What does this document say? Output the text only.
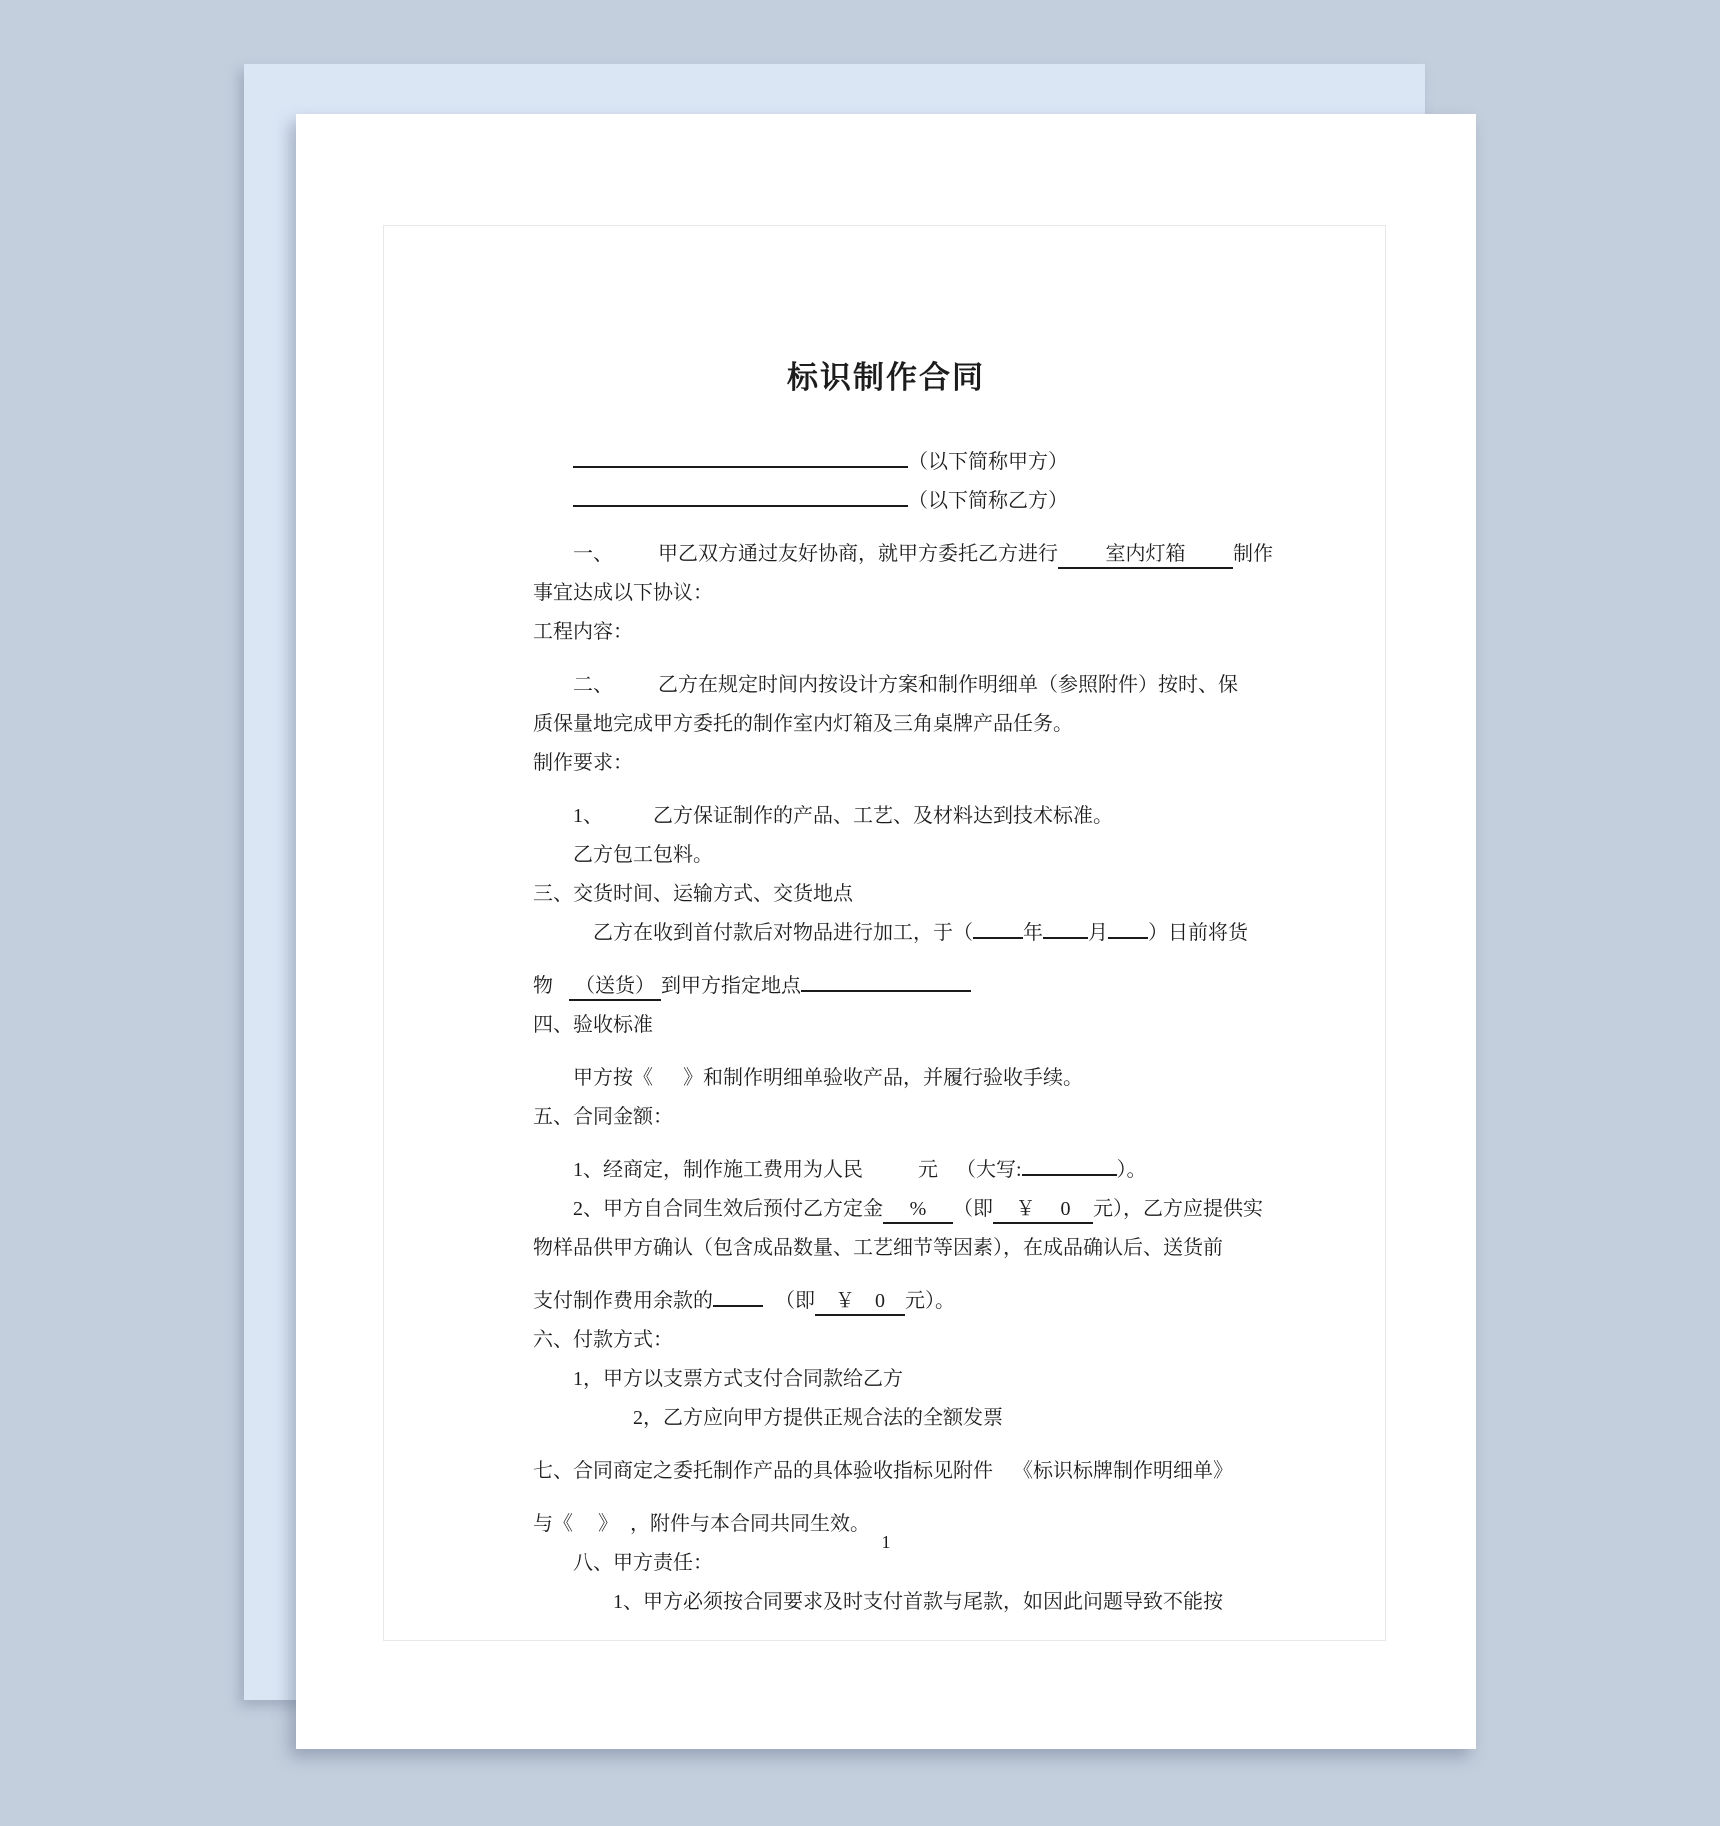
标识制作合同

（以下简称甲方）

（以下简称乙方）

一、 甲乙双方通过友好协商，就甲方委托乙方进行 室内灯箱 制作

事宜达成以下协议：

工程内容：

二、 乙方在规定时间内按设计方案和制作明细单（参照附件）按时、保

质保量地完成甲方委托的制作室内灯箱及三角桌牌产品任务。

制作要求：

1、	乙方保证制作的产品、工艺、及材料达到技术标准。

乙方包工包料。

三、交货时间、运输方式、交货地点

乙方在收到首付款后对物品进行加工，于（	年 月 ）日前将货

物 （送货） 到甲方指定地点

四、验收标准

甲方按《 》和制作明细单验收产品，并履行验收手续。

五、合同金额：

1、经商定，制作施工费用为人民	元 （大写:	）。

2、甲方自合同生效后预付乙方定金 % （即 ￥     0 元），乙方应提供实

物样品供甲方确认（包含成品数量、工艺细节等因素），在成品确认后、送货前

支付制作费用余款的	（即 ￥    0 元）。

六、付款方式：

1，甲方以支票方式支付合同款给乙方

2，乙方应向甲方提供正规合法的全额发票

七、合同商定之委托制作产品的具体验收指标见附件 《标识标牌制作明细单》

与《 》 ，附件与本合同共同生效。

八、甲方责任：

1、甲方必须按合同要求及时支付首款与尾款，如因此问题导致不能按

1
